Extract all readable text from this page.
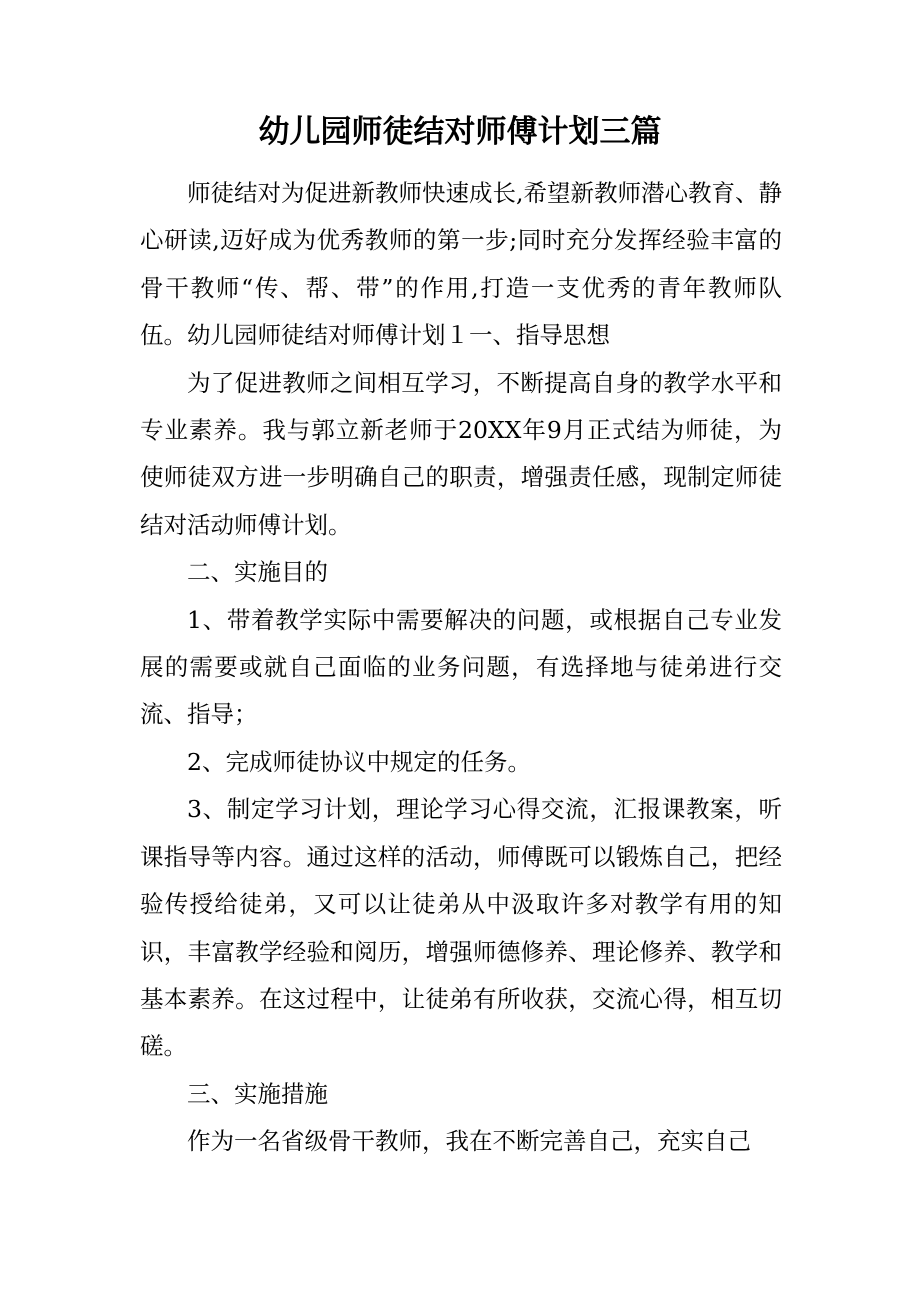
幼儿园师徒结对师傅计划三篇

师徒结对为促进新教师快速成长,希望新教师潜心教育、静心研读,迈好成为优秀教师的第一步;同时充分发挥经验丰富的骨干教师“传、帮、带”的作用,打造一支优秀的青年教师队伍。幼儿园师徒结对师傅计划１一、指导思想

为了促进教师之间相互学习，不断提高自身的教学水平和专业素养。我与郭立新老师于20XX年9月正式结为师徒，为使师徒双方进一步明确自己的职责，增强责任感，现制定师徒结对活动师傅计划。

二、实施目的

1、带着教学实际中需要解决的问题，或根据自己专业发展的需要或就自己面临的业务问题，有选择地与徒弟进行交流、指导；

2、完成师徒协议中规定的任务。

3、制定学习计划，理论学习心得交流，汇报课教案，听课指导等内容。通过这样的活动，师傅既可以锻炼自己，把经验传授给徒弟，又可以让徒弟从中汲取许多对教学有用的知识，丰富教学经验和阅历，增强师德修养、理论修养、教学和基本素养。在这过程中，让徒弟有所收获，交流心得，相互切磋。

三、实施措施

作为一名省级骨干教师，我在不断完善自己，充实自己
